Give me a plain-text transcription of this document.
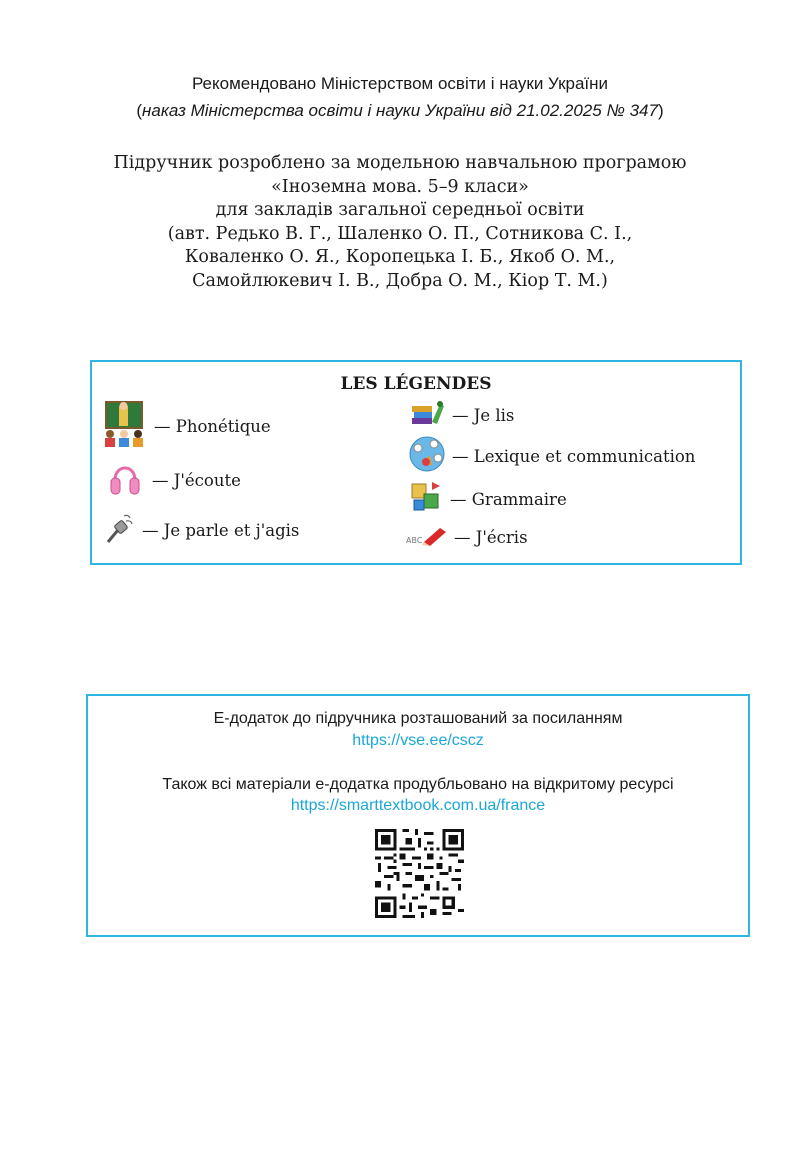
Рекомендовано Міністерством освіти і науки України
(наказ Міністерства освіти і науки України від 21.02.2025 № 347)
Підручник розроблено за модельною навчальною програмою
«Іноземна мова. 5–9 класи»
для закладів загальної середньої освіти
(авт. Редько В. Г., Шаленко О. П., Сотникова С. І.,
Коваленко О. Я., Коропецька І. Б., Якоб О. М.,
Самойлюкевич І. В., Добра О. М., Кіор Т. М.)
LES LÉGENDES
— Phonétique
— J'écoute
— Je parle et j'agis
— Je lis
— Lexique et communication
— Grammaire
ABC — J'écris
Е-додаток до підручника розташований за посиланням
https://vse.ee/cscz
Також всі матеріали е-додатка продубльовано на відкритому ресурсі
https://smarttextbook.com.ua/france
